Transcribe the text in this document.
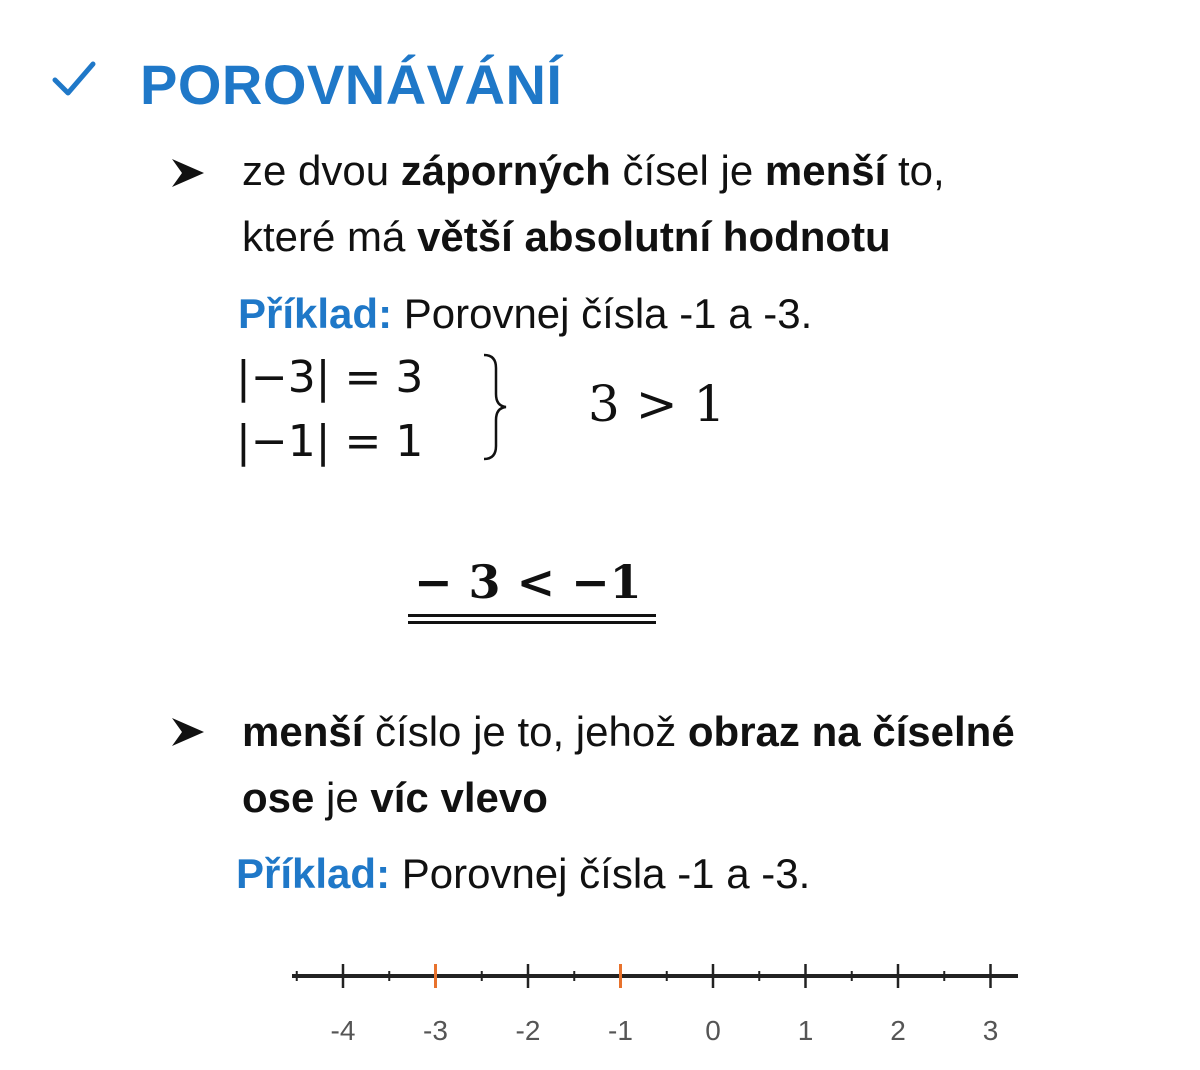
POROVNÁVÁNÍ
ze dvou záporných čísel je menší to,
které má větší absolutní hodnotu
Příklad: Porovnej čísla -1 a -3.
|−3| = 3
|−1| = 1
3 > 1
− 3 < −1
menší číslo je to, jehož obraz na číselné
ose je víc vlevo
Příklad: Porovnej čísla -1 a -3.
-4 -3 -2 -1	0	1	2	3
